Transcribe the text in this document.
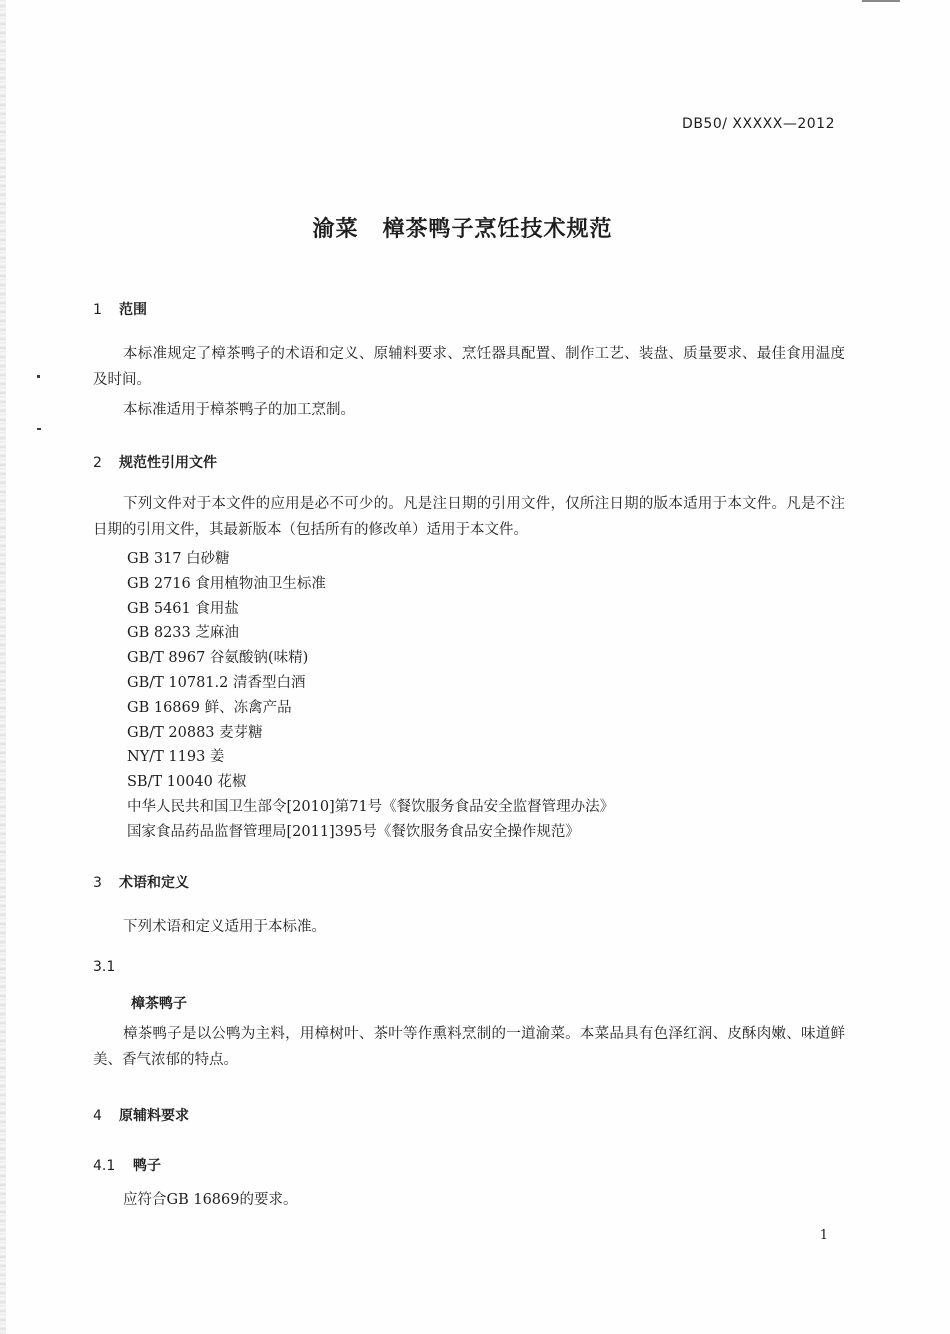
DB50/ XXXXX—2012
渝菜 樟茶鸭子烹饪技术规范
1 范围
本标准规定了樟茶鸭子的术语和定义、原辅料要求、烹饪器具配置、制作工艺、装盘、质量要求、最佳食用温度及时间。
本标准适用于樟茶鸭子的加工烹制。
2 规范性引用文件
下列文件对于本文件的应用是必不可少的。凡是注日期的引用文件，仅所注日期的版本适用于本文件。凡是不注日期的引用文件，其最新版本（包括所有的修改单）适用于本文件。
GB 317 白砂糖
GB 2716 食用植物油卫生标准
GB 5461 食用盐
GB 8233 芝麻油
GB/T 8967 谷氨酸钠(味精)
GB/T 10781.2 清香型白酒
GB 16869 鲜、冻禽产品
GB/T 20883 麦芽糖
NY/T 1193 姜
SB/T 10040 花椒
中华人民共和国卫生部令[2010]第71号《餐饮服务食品安全监督管理办法》
国家食品药品监督管理局[2011]395号《餐饮服务食品安全操作规范》
3 术语和定义
下列术语和定义适用于本标准。
3.1
樟茶鸭子
樟茶鸭子是以公鸭为主料，用樟树叶、茶叶等作熏料烹制的一道渝菜。本菜品具有色泽红润、皮酥肉嫩、味道鲜美、香气浓郁的特点。
4 原辅料要求
4.1 鸭子
应符合GB 16869的要求。
1
